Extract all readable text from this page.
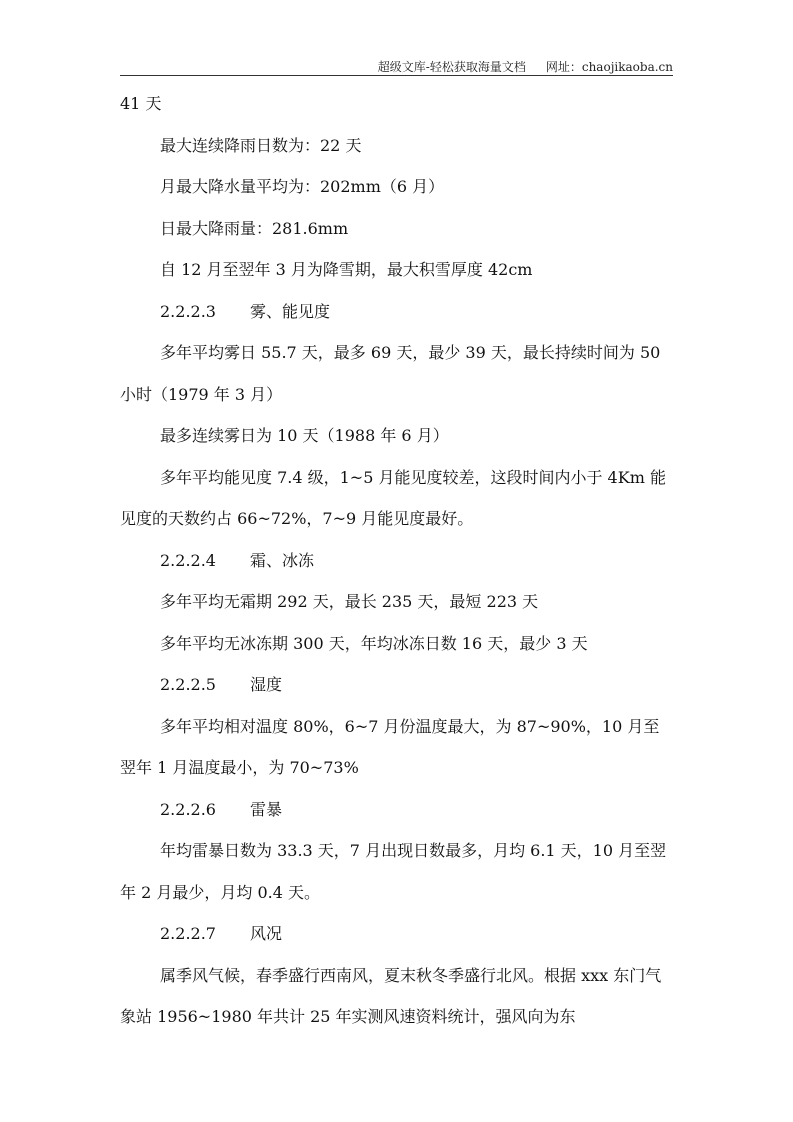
超级文库-轻松获取海量文档 网址：chaojikaoba.cn

41 天

最大连续降雨日数为：22 天

月最大降水量平均为：202mm（6 月）

日最大降雨量：281.6mm

自 12 月至翌年 3 月为降雪期，最大积雪厚度 42cm

2.2.2.3 雾、能见度

多年平均雾日 55.7 天，最多 69 天，最少 39 天，最长持续时间为 50 小时（1979 年 3 月）

最多连续雾日为 10 天（1988 年 6 月）

多年平均能见度 7.4 级，1~5 月能见度较差，这段时间内小于 4Km 能见度的天数约占 66~72%，7~9 月能见度最好。

2.2.2.4 霜、冰冻

多年平均无霜期 292 天，最长 235 天，最短 223 天

多年平均无冰冻期 300 天，年均冰冻日数 16 天，最少 3 天

2.2.2.5 湿度

多年平均相对温度 80%，6~7 月份温度最大，为 87~90%，10 月至翌年 1 月温度最小，为 70~73%

2.2.2.6 雷暴

年均雷暴日数为 33.3 天，7 月出现日数最多，月均 6.1 天，10 月至翌年 2 月最少，月均 0.4 天。

2.2.2.7 风况

属季风气候，春季盛行西南风，夏末秋冬季盛行北风。根据 xxx 东门气象站 1956~1980 年共计 25 年实测风速资料统计，强风向为东
